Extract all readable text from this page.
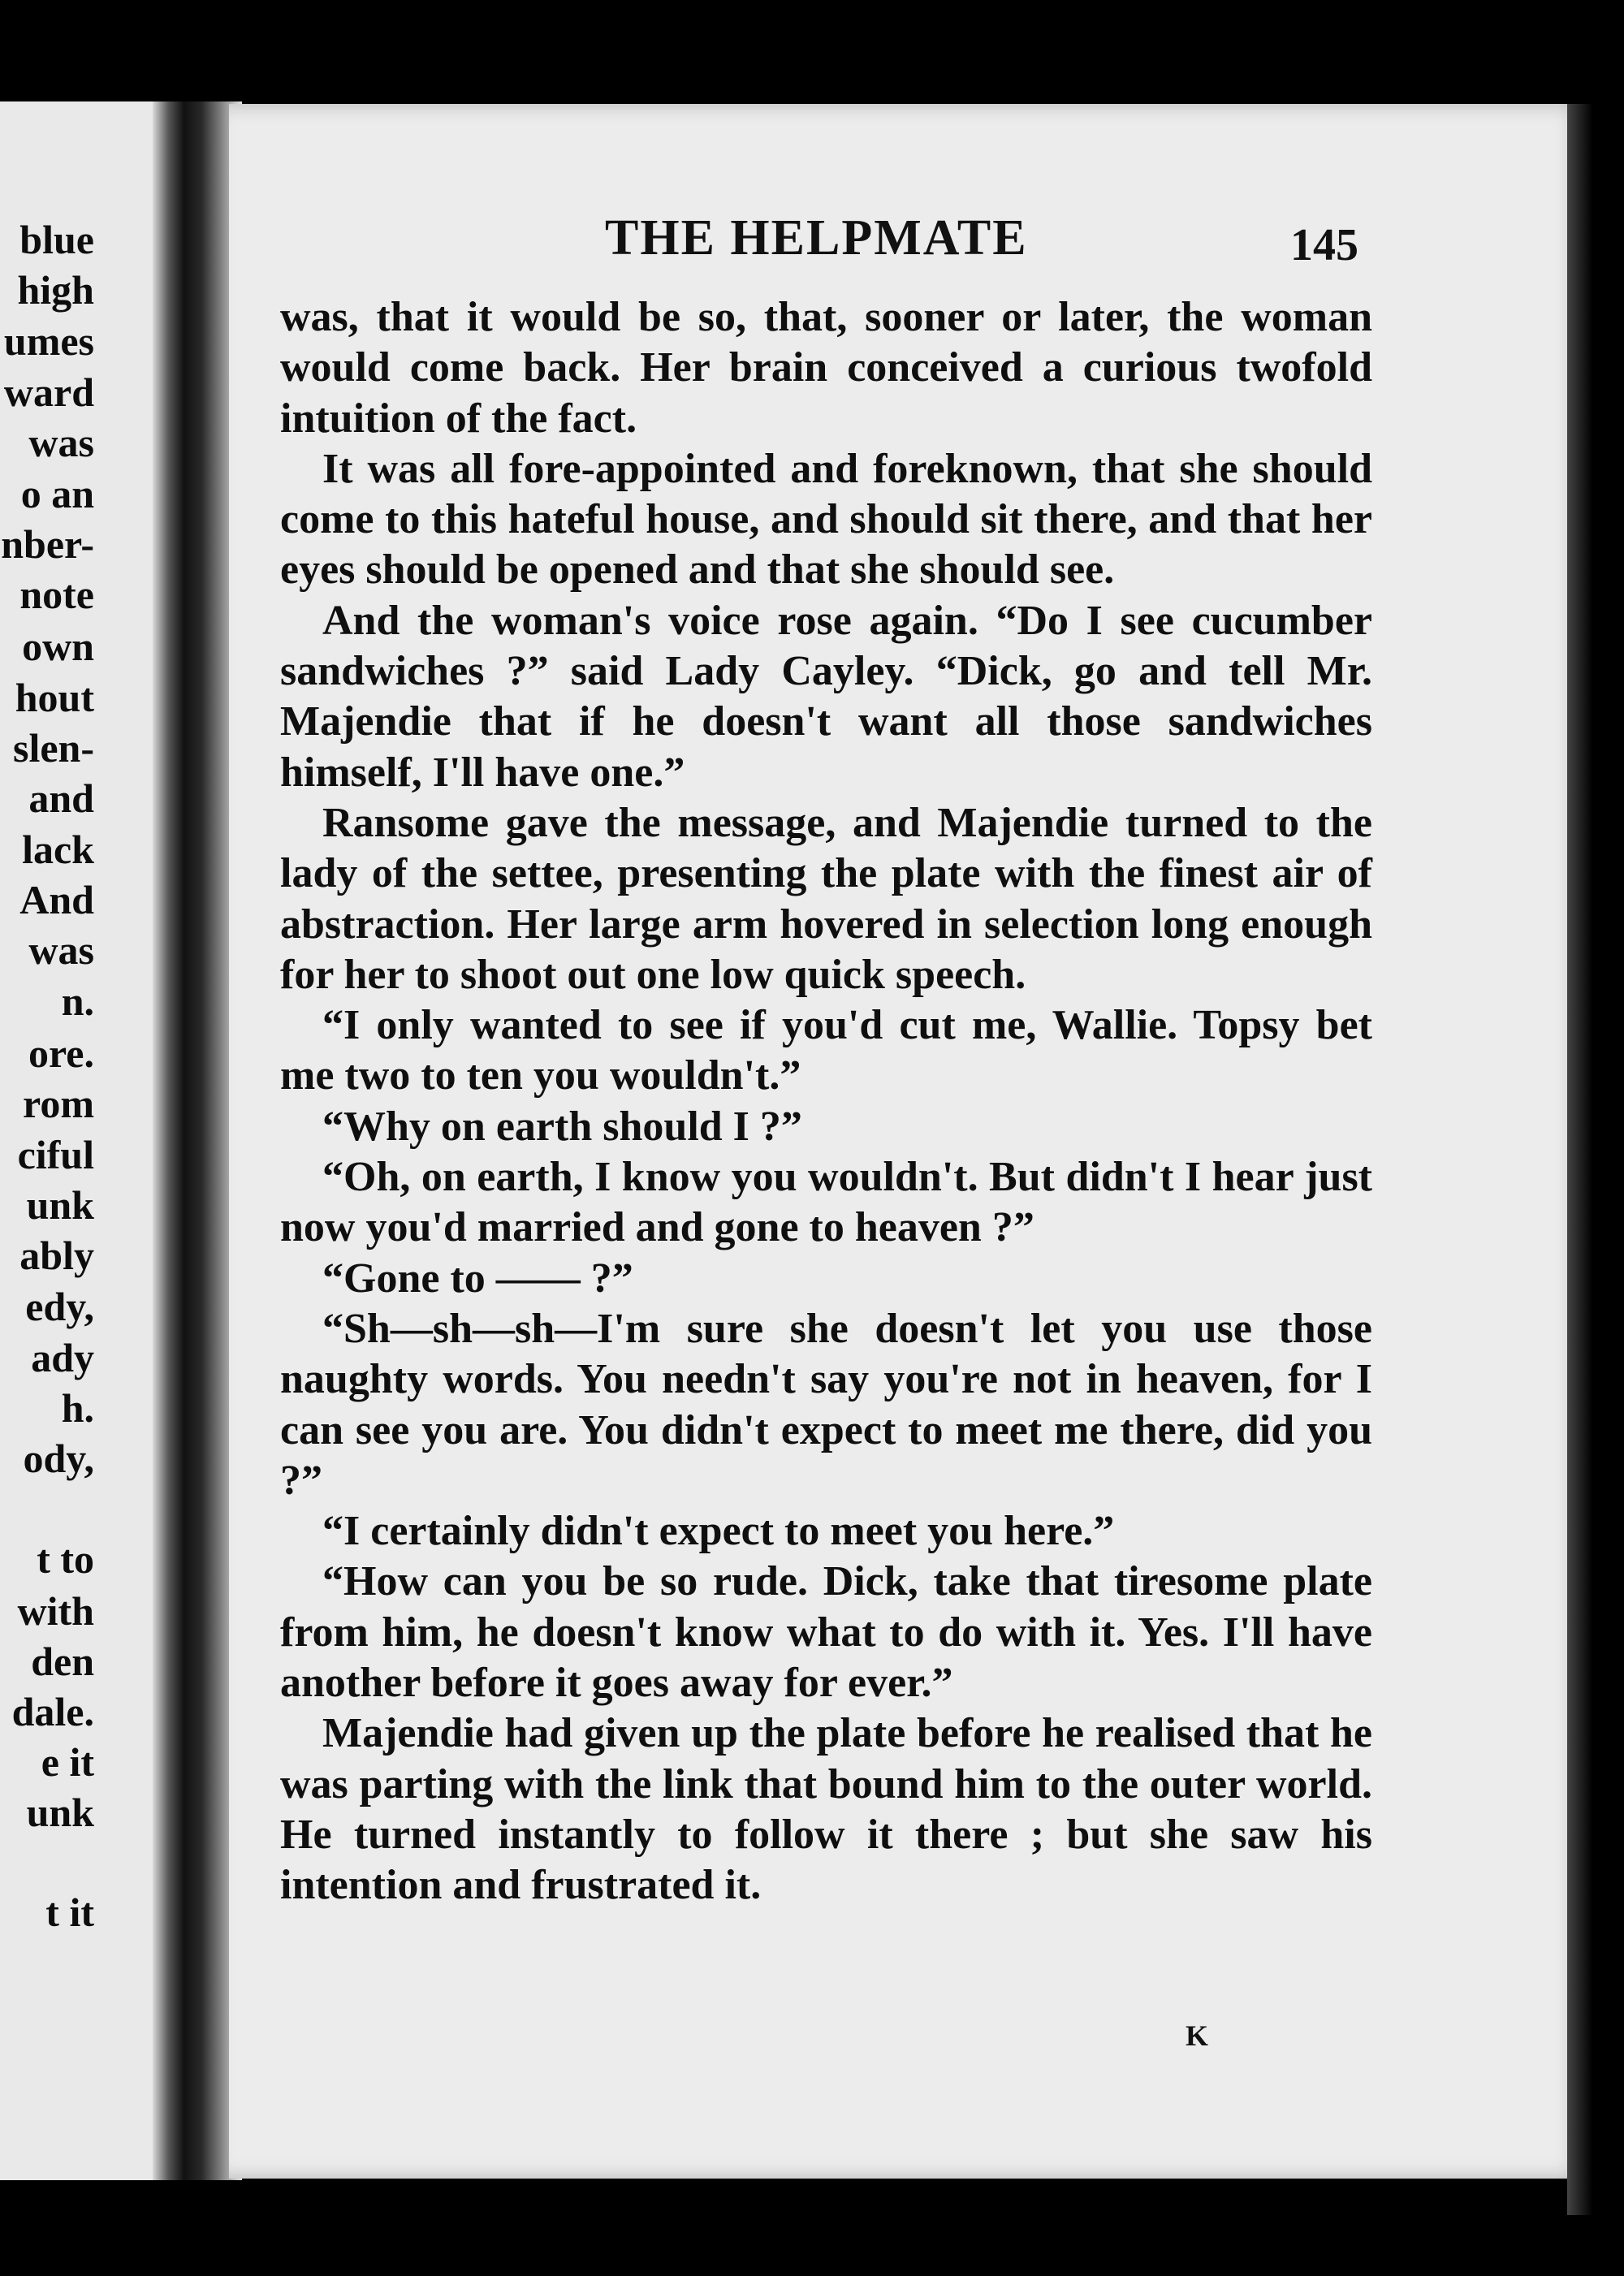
blue
high
umes
ward
was
o an
nber-
note
own
hout
slen-
and
lack
And
was
n.
ore.
rom
ciful
unk
ably
edy,
ady
h.
ody,
t to
with
den
dale.
e it
unk
t it
THE HELPMATE	145

was, that it would be so, that, sooner or later, the woman would come back. Her brain conceived a curious twofold intuition of the fact.

It was all fore-appointed and foreknown, that she should come to this hateful house, and should sit there, and that her eyes should be opened and that she should see.

And the woman's voice rose again. “Do I see cucumber sandwiches ?” said Lady Cayley. “Dick, go and tell Mr. Majendie that if he doesn't want all those sandwiches himself, I'll have one.”

Ransome gave the message, and Majendie turned to the lady of the settee, presenting the plate with the finest air of abstraction. Her large arm hovered in selection long enough for her to shoot out one low quick speech.

“I only wanted to see if you'd cut me, Wallie. Topsy bet me two to ten you wouldn't.”

“Why on earth should I ?”

“Oh, on earth, I know you wouldn't. But didn't I hear just now you'd married and gone to heaven ?”

“Gone to —— ?”

“Sh—sh—sh—I'm sure she doesn't let you use those naughty words. You needn't say you're not in heaven, for I can see you are. You didn't expect to meet me there, did you ?”

“I certainly didn't expect to meet you here.”

“How can you be so rude. Dick, take that tiresome plate from him, he doesn't know what to do with it. Yes. I'll have another before it goes away for ever.”

Majendie had given up the plate before he realised that he was parting with the link that bound him to the outer world. He turned instantly to follow it there ; but she saw his intention and frustrated it.

K
